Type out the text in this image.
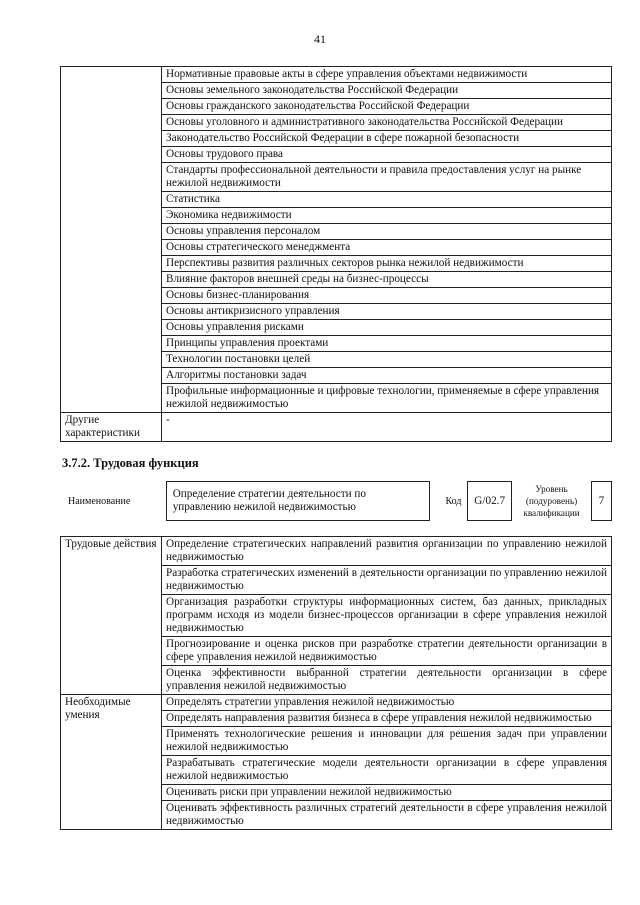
41
	Нормативные правовые акты в сфере управления объектами недвижимости
	Основы земельного законодательства Российской Федерации
	Основы гражданского законодательства Российской Федерации
	Основы уголовного и административного законодательства Российской Федерации
	Законодательство Российской Федерации в сфере пожарной безопасности
	Основы трудового права
	Стандарты профессиональной деятельности и правила предоставления услуг на рынке нежилой недвижимости
	Статистика
	Экономика недвижимости
	Основы управления персоналом
	Основы стратегического менеджмента
	Перспективы развития различных секторов рынка нежилой недвижимости
	Влияние факторов внешней среды на бизнес-процессы
	Основы бизнес-планирования
	Основы антикризисного управления
	Основы управления рисками
	Принципы управления проектами
	Технологии постановки целей
	Алгоритмы постановки задач
	Профильные информационные и цифровые технологии, применяемые в сфере управления нежилой недвижимостью
Другие характеристики	-
3.7.2. Трудовая функция
Наименование	Определение стратегии деятельности по управлению нежилой недвижимостью		Код	G/02.7	Уровень (подуровень) квалификации	7
Трудовые действия	Определение стратегических направлений развития организации по управлению нежилой недвижимостью
	Разработка стратегических изменений в деятельности организации по управлению нежилой недвижимостью
	Организация разработки структуры информационных систем, баз данных, прикладных программ исходя из модели бизнес-процессов организации в сфере управления нежилой недвижимостью
	Прогнозирование и оценка рисков при разработке стратегии деятельности организации в сфере управления нежилой недвижимостью
	Оценка эффективности выбранной стратегии деятельности организации в сфере управления нежилой недвижимостью
Необходимые умения	Определять стратегии управления нежилой недвижимостью
	Определять направления развития бизнеса в сфере управления нежилой недвижимостью
	Применять технологические решения и инновации для решения задач при управлении нежилой недвижимостью
	Разрабатывать стратегические модели деятельности организации в сфере управления нежилой недвижимостью
	Оценивать риски при управлении нежилой недвижимостью
	Оценивать эффективность различных стратегий деятельности в сфере управления нежилой недвижимостью
